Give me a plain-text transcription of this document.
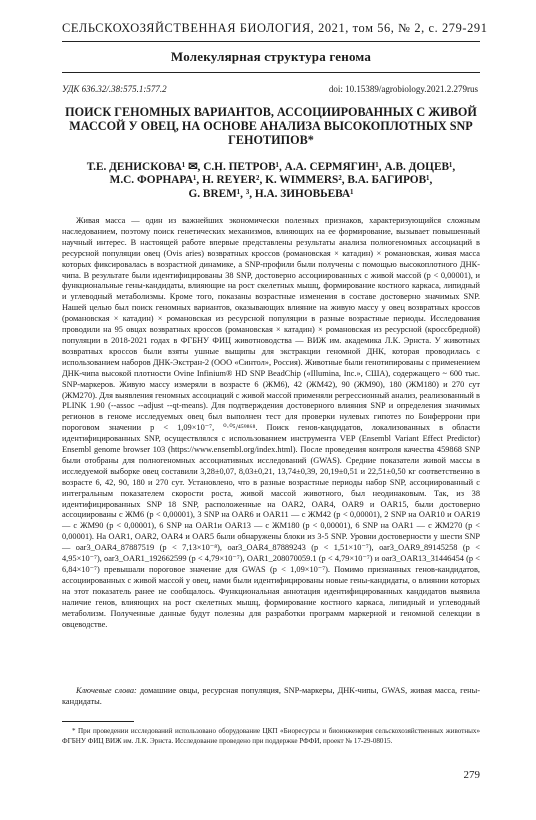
СЕЛЬСКОХОЗЯЙСТВЕННАЯ БИОЛОГИЯ, 2021, том 56, № 2, с. 279-291
Молекулярная структура генома
УДК 636.32/.38:575.1:577.2	doi: 10.15389/agrobiology.2021.2.279rus
ПОИСК ГЕНОМНЫХ ВАРИАНТОВ, АССОЦИИРОВАННЫХ С ЖИВОЙ МАССОЙ У ОВЕЦ, НА ОСНОВЕ АНАЛИЗА ВЫСОКОПЛОТНЫХ SNP ГЕНОТИПОВ*
Т.Е. ДЕНИСКОВА¹ ✉, С.Н. ПЕТРОВ¹, А.А. СЕРМЯГИН¹, А.В. ДОЦЕВ¹,
М.С. ФОРНАРА¹, H. REYER², K. WIMMERS², В.А. БАГИРОВ¹,
G. BREM¹, ³, Н.А. ЗИНОВЬЕВА¹

Живая масса — один из важнейших экономически полезных признаков, характеризующийся сложным наследованием, поэтому поиск генетических механизмов, влияющих на ее формирование, вызывает повышенный научный интерес. В настоящей работе впервые представлены результаты анализа полногеномных ассоциаций в ресурсной популяции овец (Ovis aries) возвратных кроссов (романовская × катадин) × романовская, живая масса которых фиксировалась в возрастной динамике, а SNP-профили были получены с помощью высокоплотного ДНК-чипа. В результате были идентифицированы 38 SNP, достоверно ассоциированных с живой массой (p < 0,00001), и функциональные гены-кандидаты, влияющие на рост скелетных мышц, формирование костного каркаса, липидный и углеводный метаболизмы. Кроме того, показаны возрастные изменения в составе достоверно значимых SNP. Нашей целью был поиск геномных вариантов, оказывающих влияние на живую массу у овец возвратных кроссов (романовская × катадин) × романовская из ресурсной популяции в разные возрастные периоды. Исследования проводили на 95 овцах возвратных кроссов (романовская × катадин) × романовская из ресурсной (кроссбредной) популяции в 2018-2021 годах в ФГБНУ ФИЦ животноводства — ВИЖ им. академика Л.К. Эрнста. У животных возвратных кроссов были взяты ушные выщипы для экстракции геномной ДНК, которая проводилась с использованием наборов ДНК-Экстран-2 (ООО «Синтол», Россия). Животные были генотипированы с применением ДНК-чипа высокой плотности Ovine Infinium® HD SNP BeadChip («Illumina, Inc.», США), содержащего ~ 600 тыс. SNP-маркеров. Живую массу измеряли в возрасте 6 (ЖМ6), 42 (ЖМ42), 90 (ЖМ90), 180 (ЖМ180) и 270 сут (ЖМ270). Для выявления геномных ассоциаций с живой массой применяли регрессионный анализ, реализованный в PLINK 1.90 (--assoc --adjust --qt-means). Для подтверждения достоверного влияния SNP и определения значимых регионов в геноме исследуемых овец был выполнен тест для проверки нулевых гипотез по Бонферрони при пороговом значении p < 1,09×10⁻⁷, ⁰·⁰⁵/⁴⁵⁹⁸⁶⁸. Поиск генов-кандидатов, локализованных в области идентифицированных SNP, осуществлялся с использованием инструмента VEP (Ensembl Variant Effect Predictor) Ensembl genome browser 103 (https://www.ensembl.org/index.html). После проведения контроля качества 459868 SNP были отобраны для полногеномных ассоциативных исследований (GWAS). Средние показатели живой массы в исследуемой выборке овец составили 3,28±0,07, 8,03±0,21, 13,74±0,39, 20,19±0,51 и 22,51±0,50 кг соответственно в возрасте 6, 42, 90, 180 и 270 сут. Установлено, что в разные возрастные периоды набор SNP, ассоциированный с интегральным показателем скорости роста, живой массой животного, был неодинаковым. Так, из 38 идентифицированных SNP 18 SNP, расположенные на OAR2, OAR4, OAR9 и OAR15, были достоверно ассоциированы с ЖМ6 (p < 0,00001), 3 SNP на OAR6 и OAR11 — с ЖМ42 (p < 0,00001), 2 SNP на OAR10 и OAR19 — с ЖМ90 (p < 0,00001), 6 SNP на OAR1и OAR13 — с ЖМ180 (p < 0,00001), 6 SNP на OAR1 — с ЖМ270 (p < 0,00001). На OAR1, OAR2, OAR4 и OAR5 были обнаружены блоки из 3-5 SNP. Уровни достоверности у шести SNP — oar3_OAR4_87887519 (p < 7,13×10⁻⁸), oar3_OAR4_87889243 (p < 1,51×10⁻⁷), oar3_OAR9_89145258 (p < 4,95×10⁻⁷), oar3_OAR1_192662599 (p < 4,79×10⁻⁷), OAR1_208070059.1 (p < 4,79×10⁻⁷) и oar3_OAR13_31446454 (p < 6,84×10⁻⁷) превышали пороговое значение для GWAS (p < 1,09×10⁻⁷). Помимо признанных генов-кандидатов, ассоциированных с живой массой у овец, нами были идентифицированы новые гены-кандидаты, о влиянии которых на этот показатель ранее не сообщалось. Функциональная аннотация идентифицированных кандидатов выявила наличие генов, влияющих на рост скелетных мышц, формирование костного каркаса, липидный и углеводный метаболизм. Полученные данные будут полезны для разработки программ маркерной и геномной селекции в овцеводстве.

Ключевые слова: домашние овцы, ресурсная популяция, SNP-маркеры, ДНК-чипы, GWAS, живая масса, гены-кандидаты.

* При проведении исследований использовано оборудование ЦКП «Биоресурсы и биоинженерия сельскохозяйственных животных» ФГБНУ ФИЦ ВИЖ им. Л.К. Эрнста. Исследование проведено при поддержке РФФИ, проект № 17-29-08015.

279
